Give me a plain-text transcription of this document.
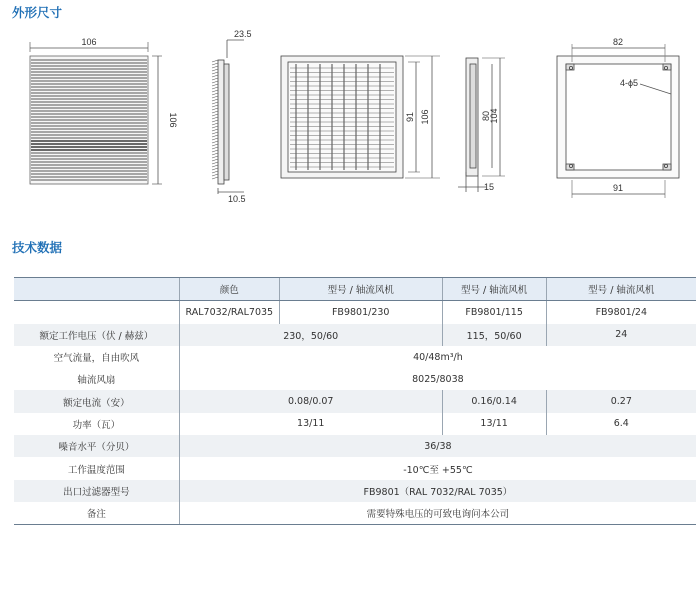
外形尺寸
106
106
23.5
10.5
91 106	80
104
15
82
4-ϕ5
91
技术数据
	颜色	型号 / 轴流风机	型号 / 轴流风机	型号 / 轴流风机
	RAL7032/RAL7035	FB9801/230	FB9801/115	FB9801/24
额定工作电压（伏 / 赫兹）	230，50/60		115，50/60	24
空气流量，自由吹风	40/48m³/h			
轴流风扇	8025/8038			
额定电流（安）	0.08/0.07		0.16/0.14	0.27
功率（瓦）	13/11		13/11	6.4
噪音水平（分贝）	36/38			
工作温度范围	-10℃至 +55℃			
出口过滤器型号	FB9801（RAL 7032/RAL 7035）			
备注	需要特殊电压的可致电询问本公司			
